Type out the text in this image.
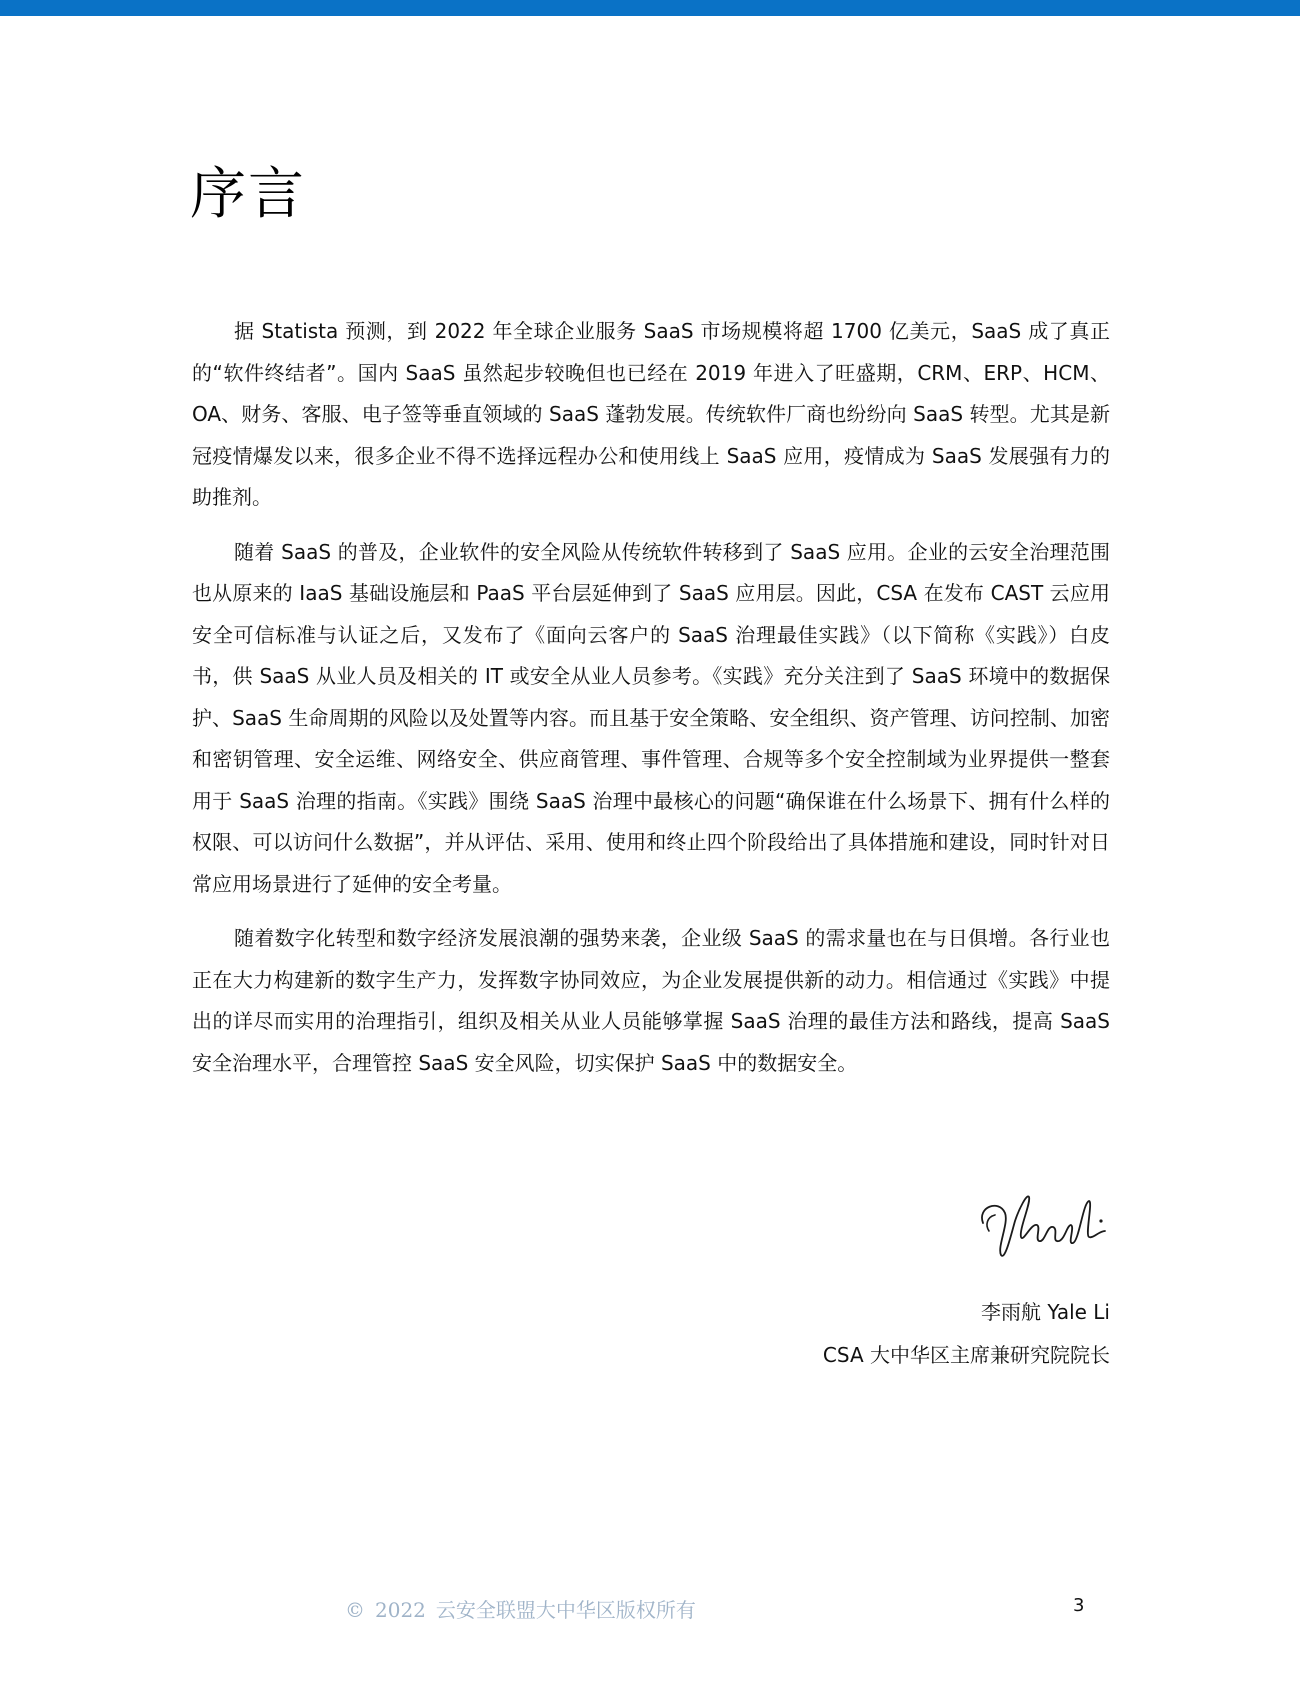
序言

据 Statista 预测，到 2022 年全球企业服务 SaaS 市场规模将超 1700 亿美元，SaaS 成了真正的“软件终结者”。国内 SaaS 虽然起步较晚但也已经在 2019 年进入了旺盛期，CRM、ERP、HCM、OA、财务、客服、电子签等垂直领域的 SaaS 蓬勃发展。传统软件厂商也纷纷向 SaaS 转型。尤其是新冠疫情爆发以来，很多企业不得不选择远程办公和使用线上 SaaS 应用，疫情成为 SaaS 发展强有力的助推剂。

随着 SaaS 的普及，企业软件的安全风险从传统软件转移到了 SaaS 应用。企业的云安全治理范围也从原来的 IaaS 基础设施层和 PaaS 平台层延伸到了 SaaS 应用层。因此，CSA 在发布 CAST 云应用安全可信标准与认证之后，又发布了《面向云客户的 SaaS 治理最佳实践》（以下简称《实践》）白皮书，供 SaaS 从业人员及相关的 IT 或安全从业人员参考。《实践》充分关注到了 SaaS 环境中的数据保护、SaaS 生命周期的风险以及处置等内容。而且基于安全策略、安全组织、资产管理、访问控制、加密和密钥管理、安全运维、网络安全、供应商管理、事件管理、合规等多个安全控制域为业界提供一整套用于 SaaS 治理的指南。《实践》围绕 SaaS 治理中最核心的问题“确保谁在什么场景下、拥有什么样的权限、可以访问什么数据”，并从评估、采用、使用和终止四个阶段给出了具体措施和建设，同时针对日常应用场景进行了延伸的安全考量。

随着数字化转型和数字经济发展浪潮的强势来袭，企业级 SaaS 的需求量也在与日俱增。各行业也正在大力构建新的数字生产力，发挥数字协同效应，为企业发展提供新的动力。相信通过《实践》中提出的详尽而实用的治理指引，组织及相关从业人员能够掌握 SaaS 治理的最佳方法和路线，提高 SaaS 安全治理水平，合理管控 SaaS 安全风险，切实保护 SaaS 中的数据安全。

李雨航 Yale Li
CSA 大中华区主席兼研究院院长
© 2022 云安全联盟大中华区版权所有	3
